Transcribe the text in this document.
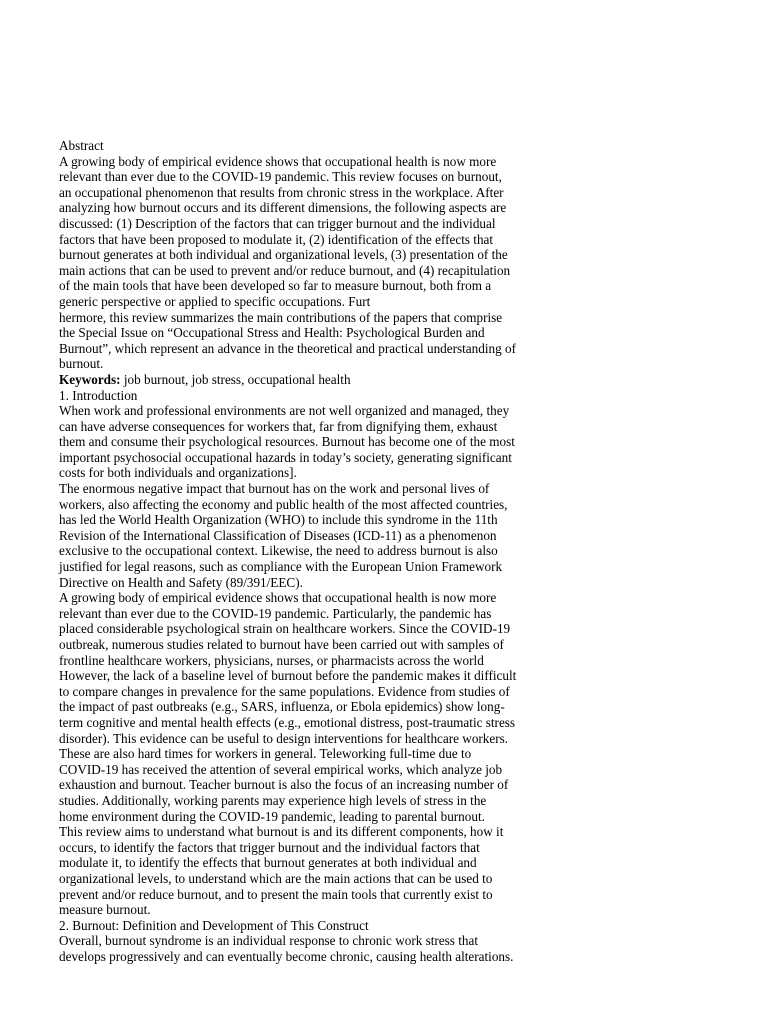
Abstract
A growing body of empirical evidence shows that occupational health is now more
relevant than ever due to the COVID-19 pandemic. This review focuses on burnout,
an occupational phenomenon that results from chronic stress in the workplace. After
analyzing how burnout occurs and its different dimensions, the following aspects are
discussed: (1) Description of the factors that can trigger burnout and the individual
factors that have been proposed to modulate it, (2) identification of the effects that
burnout generates at both individual and organizational levels, (3) presentation of the
main actions that can be used to prevent and/or reduce burnout, and (4) recapitulation
of the main tools that have been developed so far to measure burnout, both from a
generic perspective or applied to specific occupations. Furt
hermore, this review summarizes the main contributions of the papers that comprise
the Special Issue on “Occupational Stress and Health: Psychological Burden and
Burnout”, which represent an advance in the theoretical and practical understanding of
burnout.
Keywords: job burnout, job stress, occupational health
1. Introduction
When work and professional environments are not well organized and managed, they
can have adverse consequences for workers that, far from dignifying them, exhaust
them and consume their psychological resources. Burnout has become one of the most
important psychosocial occupational hazards in today’s society, generating significant
costs for both individuals and organizations].
The enormous negative impact that burnout has on the work and personal lives of
workers, also affecting the economy and public health of the most affected countries,
has led the World Health Organization (WHO) to include this syndrome in the 11th
Revision of the International Classification of Diseases (ICD-11) as a phenomenon
exclusive to the occupational context. Likewise, the need to address burnout is also
justified for legal reasons, such as compliance with the European Union Framework
Directive on Health and Safety (89/391/EEC).
A growing body of empirical evidence shows that occupational health is now more
relevant than ever due to the COVID-19 pandemic. Particularly, the pandemic has
placed considerable psychological strain on healthcare workers. Since the COVID-19
outbreak, numerous studies related to burnout have been carried out with samples of
frontline healthcare workers, physicians, nurses, or pharmacists across the world
However, the lack of a baseline level of burnout before the pandemic makes it difficult
to compare changes in prevalence for the same populations. Evidence from studies of
the impact of past outbreaks (e.g., SARS, influenza, or Ebola epidemics) show long-
term cognitive and mental health effects (e.g., emotional distress, post-traumatic stress
disorder). This evidence can be useful to design interventions for healthcare workers.
These are also hard times for workers in general. Teleworking full-time due to
COVID-19 has received the attention of several empirical works, which analyze job
exhaustion and burnout. Teacher burnout is also the focus of an increasing number of
studies. Additionally, working parents may experience high levels of stress in the
home environment during the COVID-19 pandemic, leading to parental burnout.
This review aims to understand what burnout is and its different components, how it
occurs, to identify the factors that trigger burnout and the individual factors that
modulate it, to identify the effects that burnout generates at both individual and
organizational levels, to understand which are the main actions that can be used to
prevent and/or reduce burnout, and to present the main tools that currently exist to
measure burnout.
2. Burnout: Definition and Development of This Construct
Overall, burnout syndrome is an individual response to chronic work stress that
develops progressively and can eventually become chronic, causing health alterations.
